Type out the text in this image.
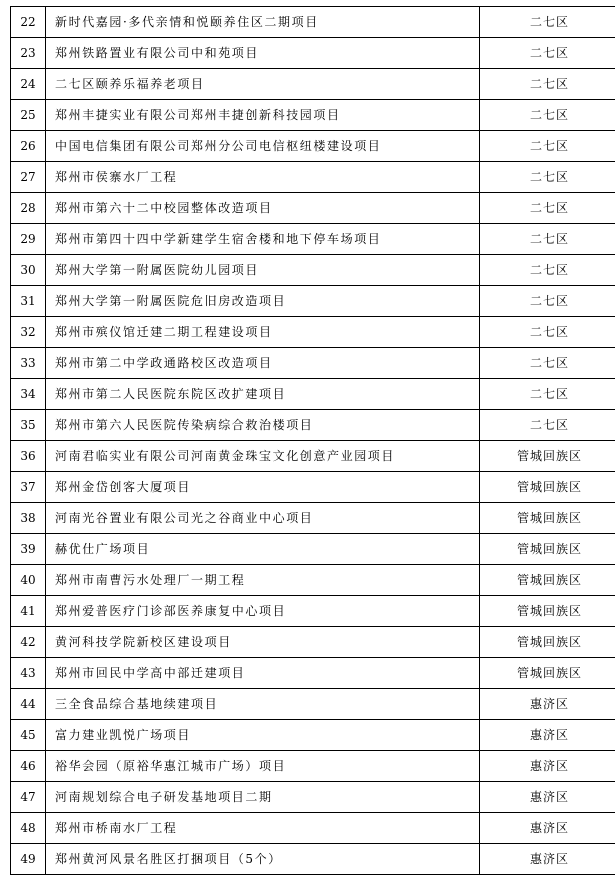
22	新时代嘉园·多代亲情和悦颐养住区二期项目	二七区
23	郑州铁路置业有限公司中和苑项目	二七区
24	二七区颐养乐福养老项目	二七区
25	郑州丰捷实业有限公司郑州丰捷创新科技园项目	二七区
26	中国电信集团有限公司郑州分公司电信枢纽楼建设项目	二七区
27	郑州市侯寨水厂工程	二七区
28	郑州市第六十二中校园整体改造项目	二七区
29	郑州市第四十四中学新建学生宿舍楼和地下停车场项目	二七区
30	郑州大学第一附属医院幼儿园项目	二七区
31	郑州大学第一附属医院危旧房改造项目	二七区
32	郑州市殡仪馆迁建二期工程建设项目	二七区
33	郑州市第二中学政通路校区改造项目	二七区
34	郑州市第二人民医院东院区改扩建项目	二七区
35	郑州市第六人民医院传染病综合救治楼项目	二七区
36	河南君临实业有限公司河南黄金珠宝文化创意产业园项目	管城回族区
37	郑州金岱创客大厦项目	管城回族区
38	河南光谷置业有限公司光之谷商业中心项目	管城回族区
39	赫优仕广场项目	管城回族区
40	郑州市南曹污水处理厂一期工程	管城回族区
41	郑州爱普医疗门诊部医养康复中心项目	管城回族区
42	黄河科技学院新校区建设项目	管城回族区
43	郑州市回民中学高中部迁建项目	管城回族区
44	三全食品综合基地续建项目	惠济区
45	富力建业凯悦广场项目	惠济区
46	裕华会园（原裕华惠江城市广场）项目	惠济区
47	河南规划综合电子研发基地项目二期	惠济区
48	郑州市桥南水厂工程	惠济区
49	郑州黄河风景名胜区打捆项目（5个）	惠济区
